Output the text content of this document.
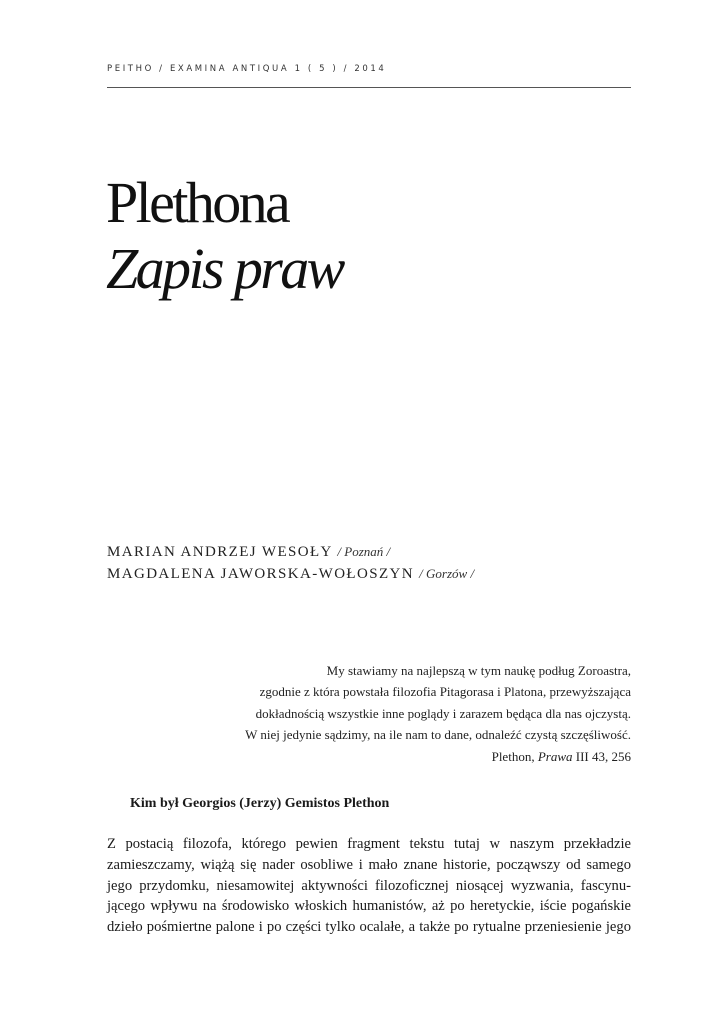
PEITHO / EXAMINA ANTIQUA 1 ( 5 ) / 2014
Plethona
Zapis praw
MARIAN ANDRZEJ WESOŁY / Poznań /
MAGDALENA JAWORSKA-WOŁOSZYN / Gorzów /
My stawiamy na najlepszą w tym naukę podług Zoroastra,
zgodnie z która powstała filozofia Pitagorasa i Platona, przewyższająca
dokładnością wszystkie inne poglądy i zarazem będąca dla nas ojczystą.
W niej jedynie sądzimy, na ile nam to dane, odnaleźć czystą szczęśliwość.
Plethon, Prawa III 43, 256
Kim był Georgios (Jerzy) Gemistos Plethon
Z postacią filozofa, którego pewien fragment tekstu tutaj w naszym przekładzie
zamieszczamy, wiążą się nader osobliwe i mało znane historie, począwszy od samego
jego przydomku, niesamowitej aktywności filozoficznej niosącej wyzwania, fascynu-
jącego wpływu na środowisko włoskich humanistów, aż po heretyckie, iście pogańskie
dzieło pośmiertne palone i po części tylko ocalałe, a także po rytualne przeniesienie jego
